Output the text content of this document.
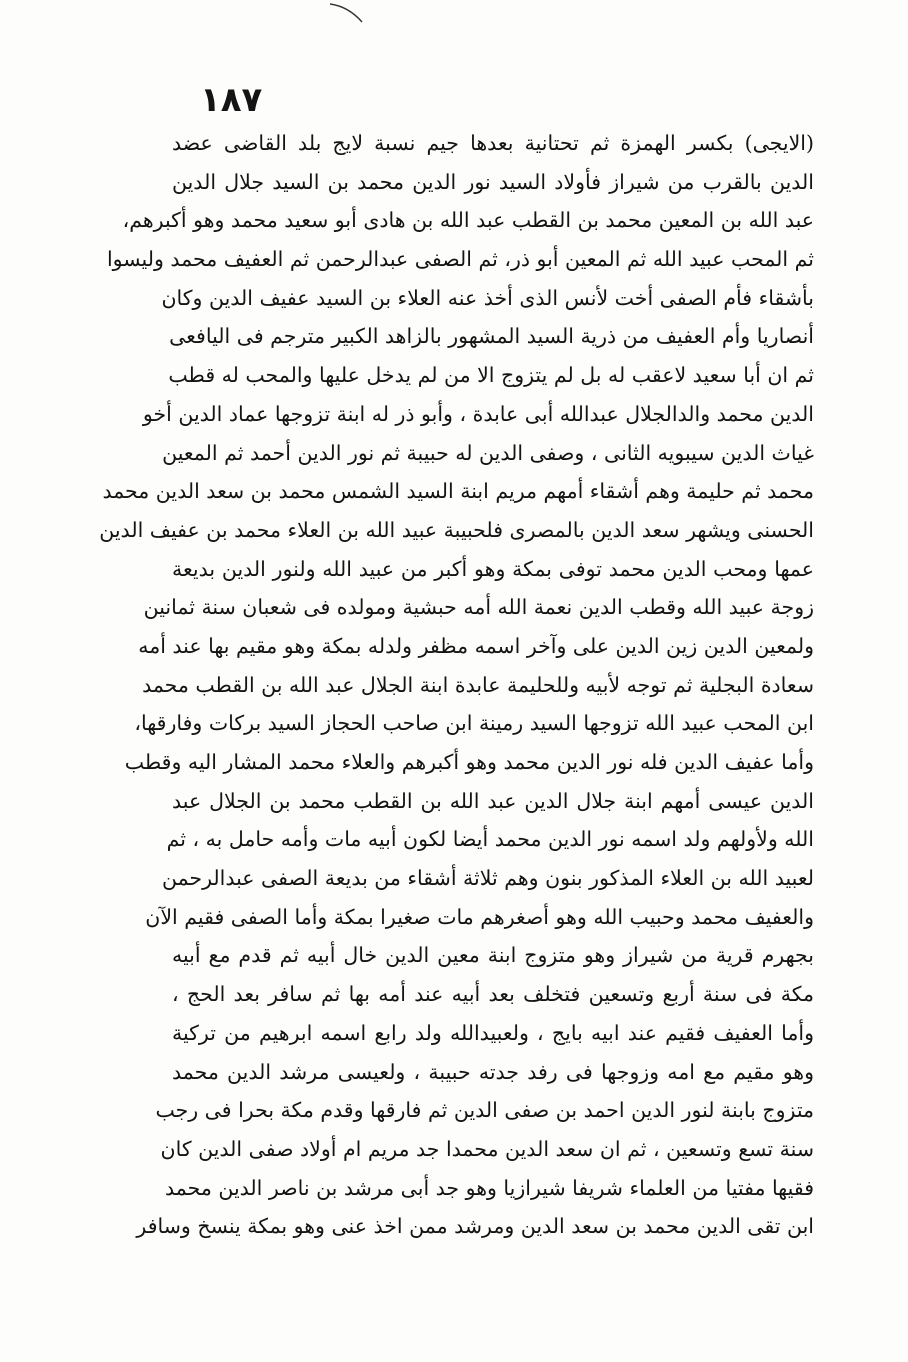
١٨٧
(الايجى) بكسر الهمزة ثم تحتانية بعدها جيم نسبة لايج بلد القاضى عضد
الدين بالقرب من شيراز فأولاد السيد نور الدين محمد بن السيد جلال الدين
عبد الله بن المعين محمد بن القطب عبد الله بن هادى أبو سعيد محمد وهو أكبرهم،
ثم المحب عبيد الله ثم المعين أبو ذر، ثم الصفى عبدالرحمن ثم العفيف محمد وليسوا
بأشقاء فأم الصفى أخت لأنس الذى أخذ عنه العلاء بن السيد عفيف الدين وكان
أنصاريا وأم العفيف من ذرية السيد المشهور بالزاهد الكبير مترجم فى اليافعى
ثم ان أبا سعيد لاعقب له بل لم يتزوج الا من لم يدخل عليها والمحب له قطب
الدين محمد والدالجلال عبدالله أبى عابدة ، وأبو ذر له ابنة تزوجها عماد الدين أخو
غياث الدين سيبويه الثانى ، وصفى الدين له حبيبة ثم نور الدين أحمد ثم المعين
محمد ثم حليمة وهم أشقاء أمهم مريم ابنة السيد الشمس محمد بن سعد الدين محمد
الحسنى ويشهر سعد الدين بالمصرى فلحبيبة عبيد الله بن العلاء محمد بن عفيف الدين
عمها ومحب الدين محمد توفى بمكة وهو أكبر من عبيد الله ولنور الدين بديعة
زوجة عبيد الله وقطب الدين نعمة الله أمه حبشية ومولده فى شعبان سنة ثمانين
ولمعين الدين زين الدين على وآخر اسمه مظفر ولدله بمكة وهو مقيم بها عند أمه
سعادة البجلية ثم توجه لأبيه وللحليمة عابدة ابنة الجلال عبد الله بن القطب محمد
ابن المحب عبيد الله تزوجها السيد رمينة ابن صاحب الحجاز السيد بركات وفارقها،
وأما عفيف الدين فله نور الدين محمد وهو أكبرهم والعلاء محمد المشار اليه وقطب
الدين عيسى أمهم ابنة جلال الدين عبد الله بن القطب محمد بن الجلال عبد
الله ولأولهم ولد اسمه نور الدين محمد أيضا لكون أبيه مات وأمه حامل به ، ثم
لعبيد الله بن العلاء المذكور بنون وهم ثلاثة أشقاء من بديعة الصفى عبدالرحمن
والعفيف محمد وحبيب الله وهو أصغرهم مات صغيرا بمكة وأما الصفى فقيم الآن
بجهرم قرية من شيراز وهو متزوج ابنة معين الدين خال أبيه ثم قدم مع أبيه
مكة فى سنة أربع وتسعين فتخلف بعد أبيه عند أمه بها ثم سافر بعد الحج ،
وأما العفيف فقيم عند ابيه بايج ، ولعبيدالله ولد رابع اسمه ابرهيم من تركية
وهو مقيم مع امه وزوجها فى رفد جدته حبيبة ، ولعيسى مرشد الدين محمد
متزوج بابنة لنور الدين احمد بن صفى الدين ثم فارقها وقدم مكة بحرا فى رجب
سنة تسع وتسعين ، ثم ان سعد الدين محمدا جد مريم ام أولاد صفى الدين كان
فقيها مفتيا من العلماء شريفا شيرازيا وهو جد أبى مرشد بن ناصر الدين محمد
ابن تقى الدين محمد بن سعد الدين ومرشد ممن اخذ عنى وهو بمكة ينسخ وسافر
